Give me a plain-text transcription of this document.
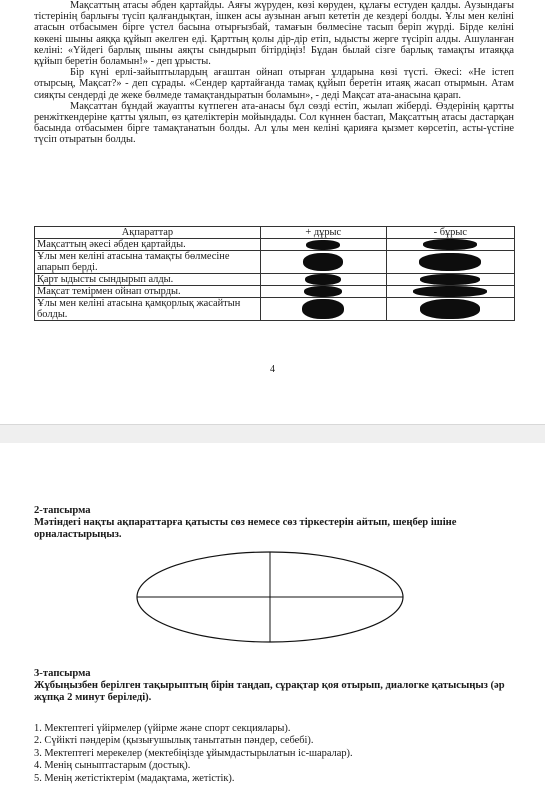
Мақсаттың атасы әбден қартайды. Аяғы жүруден, көзі көруден, құлағы естуден қалды. Аузындағы тістерінің барлығы түсіп қалғандықтан, ішкен асы аузынан ағып кететін де кездері болды. Ұлы мен келіні атасын отбасымен бірге үстел басына отырғызбай, тамағын бөлмесіне тасып беріп жүрді. Бірде келіні көкені шыны аяққа құйып әкелген еді. Қарттың қолы дір-дір етіп, ыдысты жерге түсіріп алды. Ашуланған келіні: «Үйдегі барлық шыны аяқты сындырып бітірдіңіз! Бұдан былай сізге барлық тамақты итаяққа құйып беретін боламын!» - деп ұрысты.

Бір күні ерлі-зайыптылардың ағаштан ойнап отырған ұлдарына көзі түсті. Әкесі: «Не істеп отырсың, Мақсат?» - деп сұрады. «Сендер қартайғанда тамақ құйып беретін итаяқ жасап отырмын. Атам сияқты сендерді де жеке бөлмеде тамақтандыратын боламын», - деді Мақсат ата-анасына қарап.

Мақсаттан бұндай жауапты күтпеген ата-анасы бұл сөзді естіп, жылап жіберді. Өздерінің қартты ренжіткендеріне қатты ұялып, өз қателіктерін мойындады. Сол күннен бастап, Мақсаттың атасы дастарқан басында отбасымен бірге тамақтанатын болды. Ал ұлы мен келіні қарияға қызмет көрсетіп, асты-үстіне түсіп отыратын болды.

Ақпараттар	+ дұрыс	- бұрыс
Мақсаттың әкесі әбден қартайды.	

Ұлы мен келіні атасына тамақты бөлмесіне апарып берді.	

Қарт ыдысты сындырып алды.	

Мақсат темірмен ойнап отырды.	

Ұлы мен келіні атасына қамқорлық жасайтын болды.	

4
2-тапсырма
Мәтіндегі нақты ақпараттарға қатысты сөз немесе сөз тіркестерін айтып, шеңбер ішіне орналастырыңыз.
3-тапсырма
Жұбыңызбен берілген тақырыптың бірін таңдап, сұрақтар қоя отырып, диалогке қатысыңыз (әр жұпқа 2 минут беріледі).
1. Мектептегі үйірмелер (үйірме және спорт секциялары).
2. Сүйікті пәндерім (қызығушылық танытатын пәндер, себебі).
3. Мектептегі мерекелер (мектебіңізде ұйымдастырылатын іс-шаралар).
4. Менің сыныптастарым (достық).
5. Менің жетістіктерім (мадақтама, жетістік).
